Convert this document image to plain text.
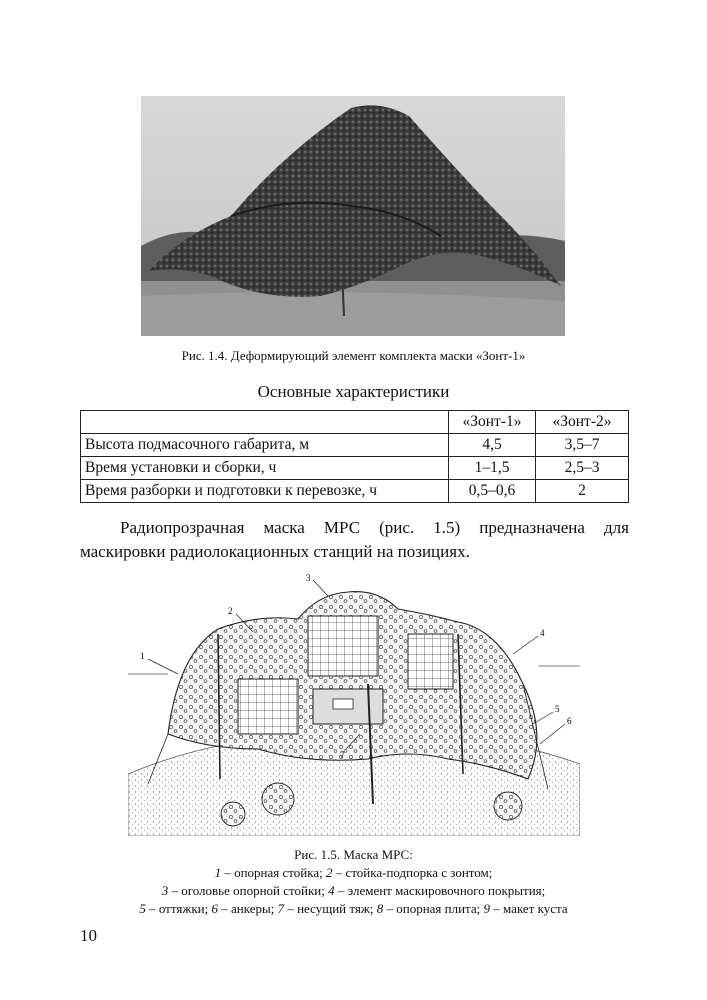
Рис. 1.4. Деформирующий элемент комплекта маски «Зонт-1»
Основные характеристики
	«Зонт-1»	«Зонт-2»
Высота подмасочного габарита, м	4,5	3,5–7
Время установки и сборки, ч	1–1,5	2,5–3
Время разборки и подготовки к перевозке, ч	0,5–0,6	2
Радиопрозрачная маска МРС (рис. 1.5) предназначена для маскировки радиолокационных станций на позициях.
1
2
3
4
5
6
7
Рис. 1.5. Маска МРС:
1 – опорная стойка; 2 – стойка-подпорка с зонтом;
3 – оголовье опорной стойки; 4 – элемент маскировочного покрытия;
5 – оттяжки; 6 – анкеры; 7 – несущий тяж; 8 – опорная плита; 9 – макет куста
10
